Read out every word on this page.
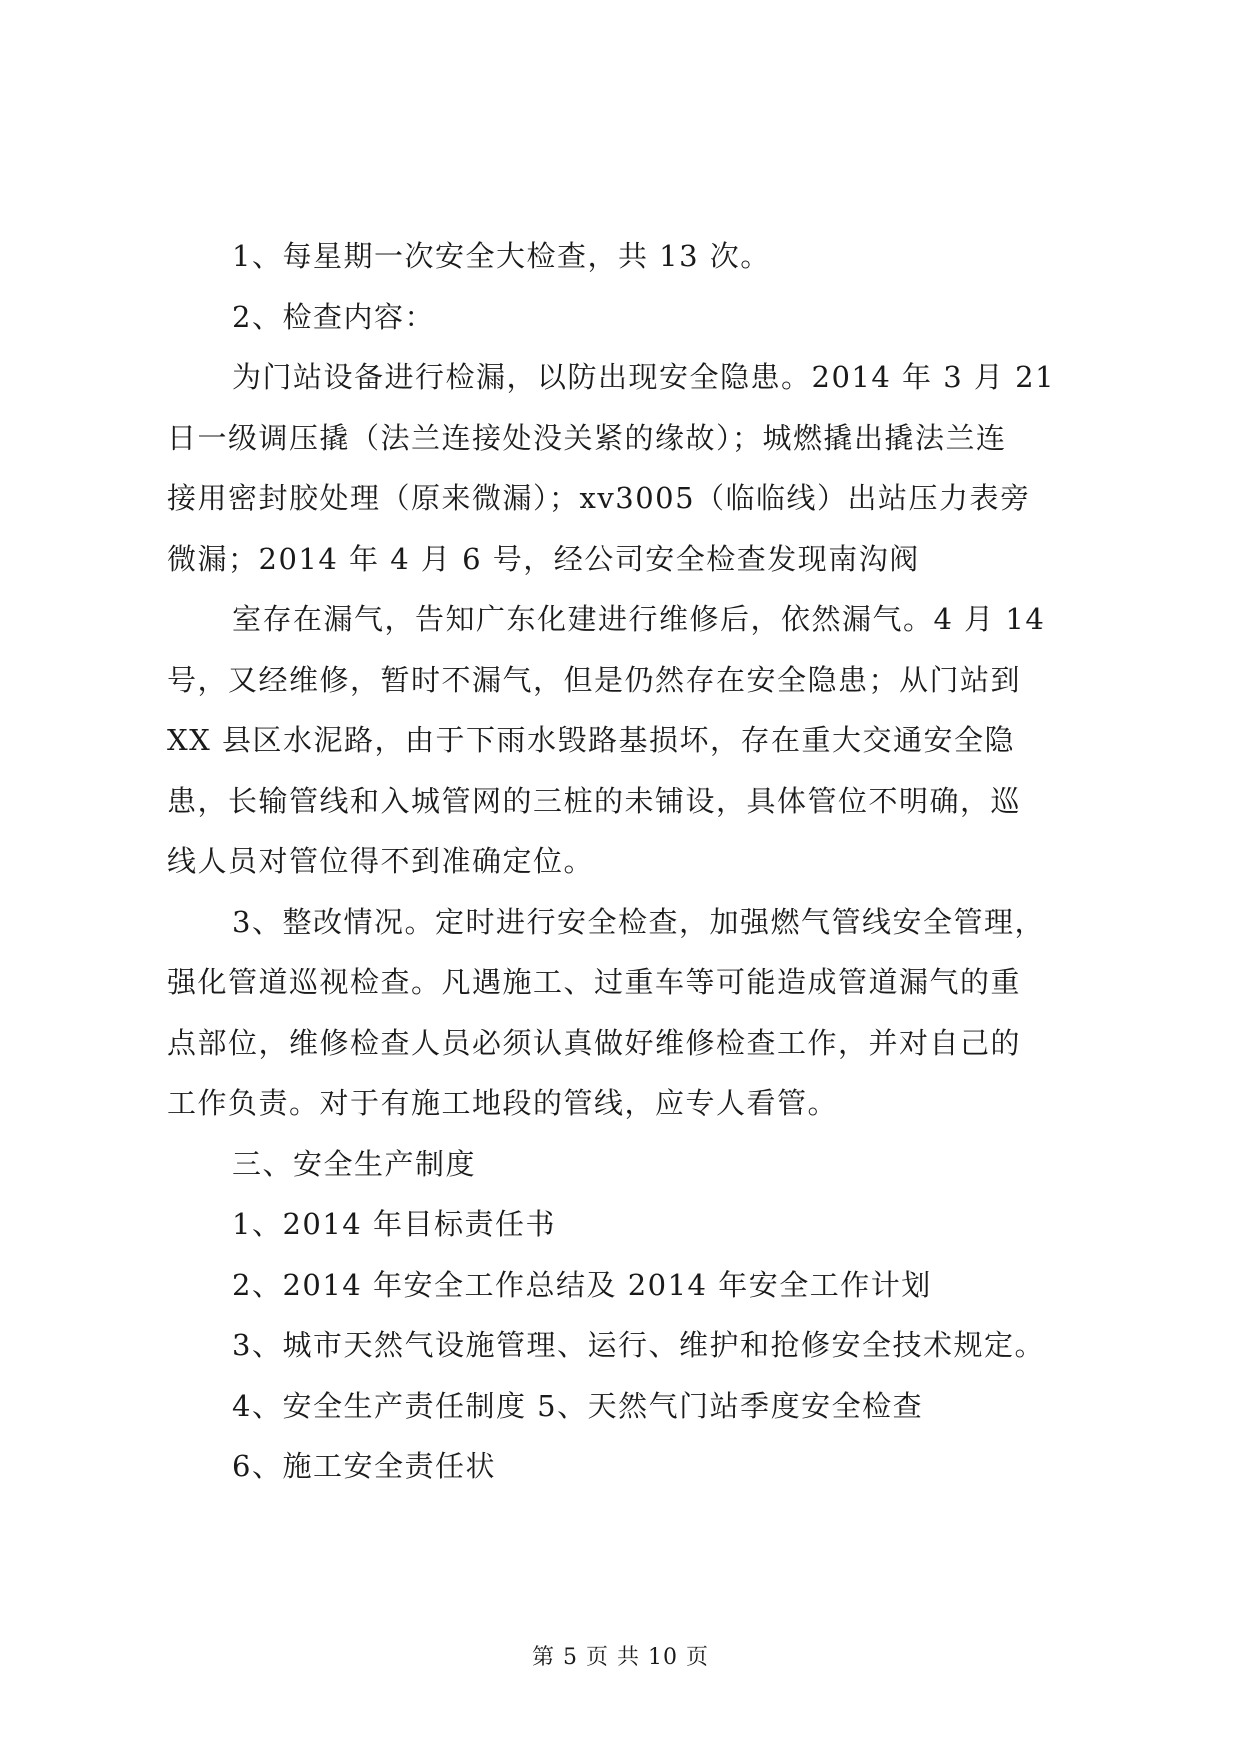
1、每星期一次安全大检查，共 13 次。
2、检查内容：
为门站设备进行检漏，以防出现安全隐患。2014 年 3 月 21
日一级调压撬（法兰连接处没关紧的缘故）；城燃撬出撬法兰连
接用密封胶处理（原来微漏）；xv3005（临临线）出站压力表旁
微漏；2014 年 4 月 6 号，经公司安全检查发现南沟阀
室存在漏气，告知广东化建进行维修后，依然漏气。4 月 14
号，又经维修，暂时不漏气，但是仍然存在安全隐患；从门站到
XX 县区水泥路，由于下雨水毁路基损坏，存在重大交通安全隐
患，长输管线和入城管网的三桩的未铺设，具体管位不明确，巡
线人员对管位得不到准确定位。
3、整改情况。定时进行安全检查，加强燃气管线安全管理，
强化管道巡视检查。凡遇施工、过重车等可能造成管道漏气的重
点部位，维修检查人员必须认真做好维修检查工作，并对自己的
工作负责。对于有施工地段的管线，应专人看管。
三、安全生产制度
1、2014 年目标责任书
2、2014 年安全工作总结及 2014 年安全工作计划
3、城市天然气设施管理、运行、维护和抢修安全技术规定。
4、安全生产责任制度 5、天然气门站季度安全检查
6、施工安全责任状
第 5 页 共 10 页
